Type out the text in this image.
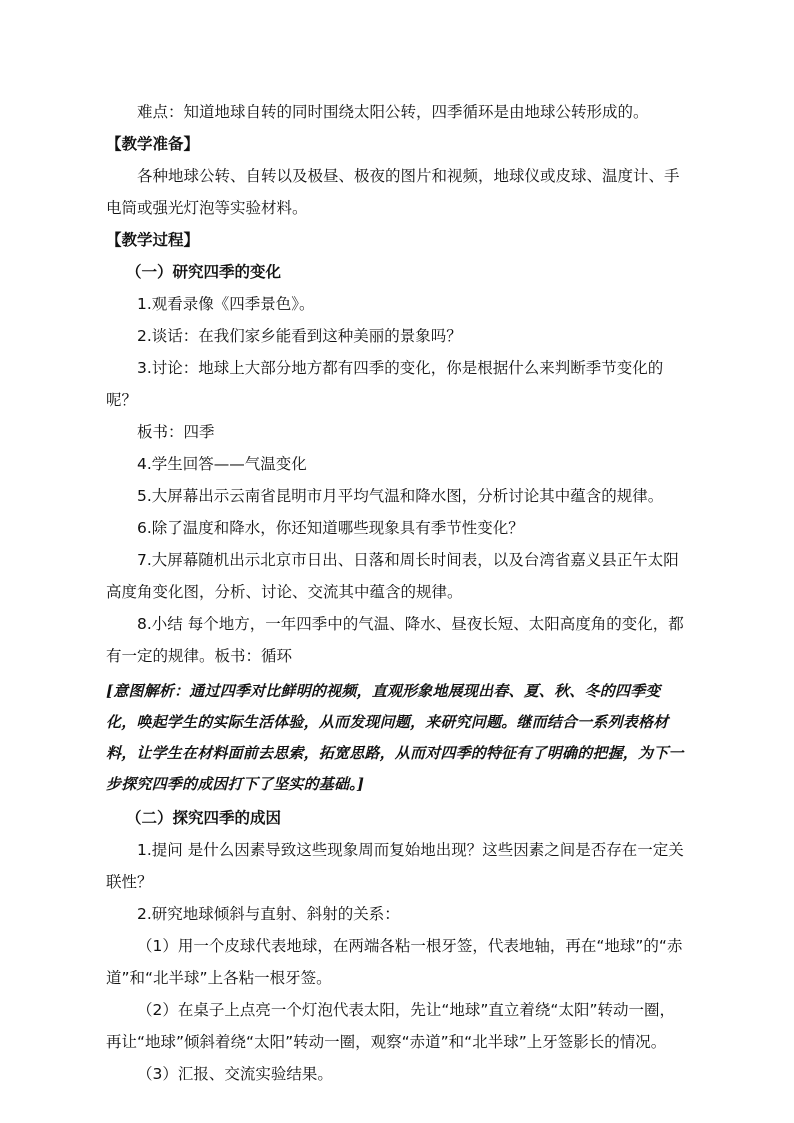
难点：知道地球自转的同时围绕太阳公转，四季循环是由地球公转形成的。

【教学准备】

各种地球公转、自转以及极昼、极夜的图片和视频，地球仪或皮球、温度计、手电筒或强光灯泡等实验材料。

【教学过程】

（一）研究四季的变化

1.观看录像《四季景色》。

2.谈话：在我们家乡能看到这种美丽的景象吗？

3.讨论：地球上大部分地方都有四季的变化，你是根据什么来判断季节变化的呢？

板书：四季

4.学生回答——气温变化

5.大屏幕出示云南省昆明市月平均气温和降水图，分析讨论其中蕴含的规律。

6.除了温度和降水，你还知道哪些现象具有季节性变化？

7.大屏幕随机出示北京市日出、日落和周长时间表，以及台湾省嘉义县正午太阳高度角变化图，分析、讨论、交流其中蕴含的规律。

8.小结 每个地方，一年四季中的气温、降水、昼夜长短、太阳高度角的变化，都有一定的规律。板书：循环

[意图解析：通过四季对比鲜明的视频，直观形象地展现出春、夏、秋、冬的四季变化，唤起学生的实际生活体验，从而发现问题，来研究问题。继而结合一系列表格材料，让学生在材料面前去思索，拓宽思路，从而对四季的特征有了明确的把握，为下一步探究四季的成因打下了坚实的基础。]

（二）探究四季的成因

1.提问 是什么因素导致这些现象周而复始地出现？这些因素之间是否存在一定关联性？

2.研究地球倾斜与直射、斜射的关系：

（1）用一个皮球代表地球，在两端各粘一根牙签，代表地轴，再在“地球”的“赤道”和“北半球”上各粘一根牙签。

（2）在桌子上点亮一个灯泡代表太阳，先让“地球”直立着绕“太阳”转动一圈，再让“地球”倾斜着绕“太阳”转动一圈，观察“赤道”和“北半球”上牙签影长的情况。

（3）汇报、交流实验结果。
